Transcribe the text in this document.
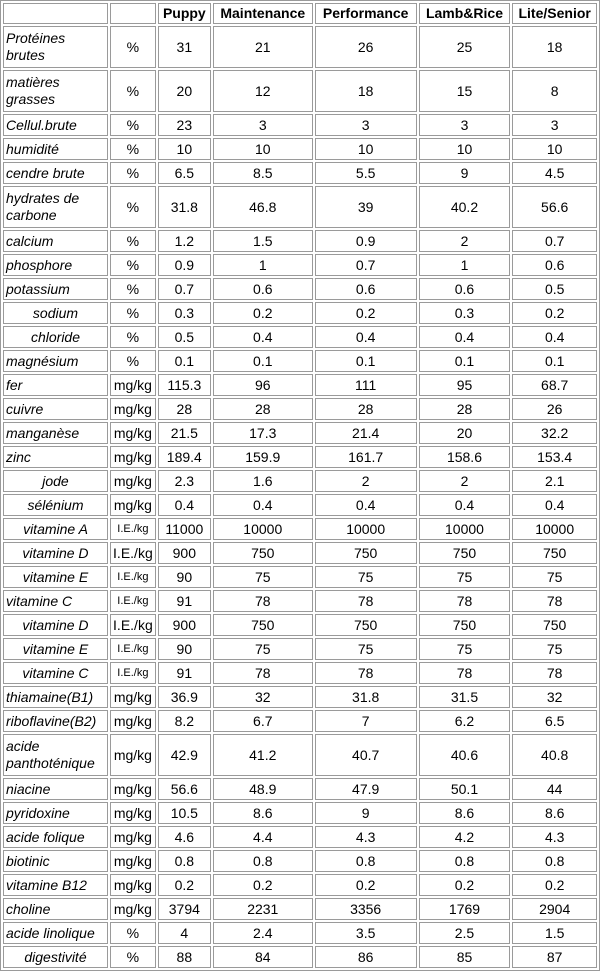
		Puppy	Maintenance	Performance	Lamb&Rice	Lite/Senior
Protéines brutes	%	31	21	26	25	18
matières grasses	%	20	12	18	15	8
Cellul.brute	%	23	3	3	3	3
humidité	%	10	10	10	10	10
cendre brute	%	6.5	8.5	5.5	9	4.5
hydrates de carbone	%	31.8	46.8	39	40.2	56.6
calcium	%	1.2	1.5	0.9	2	0.7
phosphore	%	0.9	1	0.7	1	0.6
potassium	%	0.7	0.6	0.6	0.6	0.5
sodium	%	0.3	0.2	0.2	0.3	0.2
chloride	%	0.5	0.4	0.4	0.4	0.4
magnésium	%	0.1	0.1	0.1	0.1	0.1
fer	mg/kg	115.3	96	111	95	68.7
cuivre	mg/kg	28	28	28	28	26
manganèse	mg/kg	21.5	17.3	21.4	20	32.2
zinc	mg/kg	189.4	159.9	161.7	158.6	153.4
jode	mg/kg	2.3	1.6	2	2	2.1
sélénium	mg/kg	0.4	0.4	0.4	0.4	0.4
vitamine A	I.E./kg	11000	10000	10000	10000	10000
vitamine D	I.E./kg	900	750	750	750	750
vitamine E	I.E./kg	90	75	75	75	75
vitamine C	I.E./kg	91	78	78	78	78
vitamine D	I.E./kg	900	750	750	750	750
vitamine E	I.E./kg	90	75	75	75	75
vitamine C	I.E./kg	91	78	78	78	78
thiamaine(B1)	mg/kg	36.9	32	31.8	31.5	32
riboflavine(B2)	mg/kg	8.2	6.7	7	6.2	6.5
acide panthoténique	mg/kg	42.9	41.2	40.7	40.6	40.8
niacine	mg/kg	56.6	48.9	47.9	50.1	44
pyridoxine	mg/kg	10.5	8.6	9	8.6	8.6
acide folique	mg/kg	4.6	4.4	4.3	4.2	4.3
biotinic	mg/kg	0.8	0.8	0.8	0.8	0.8
vitamine B12	mg/kg	0.2	0.2	0.2	0.2	0.2
choline	mg/kg	3794	2231	3356	1769	2904
acide linolique	%	4	2.4	3.5	2.5	1.5
digestivité	%	88	84	86	85	87
